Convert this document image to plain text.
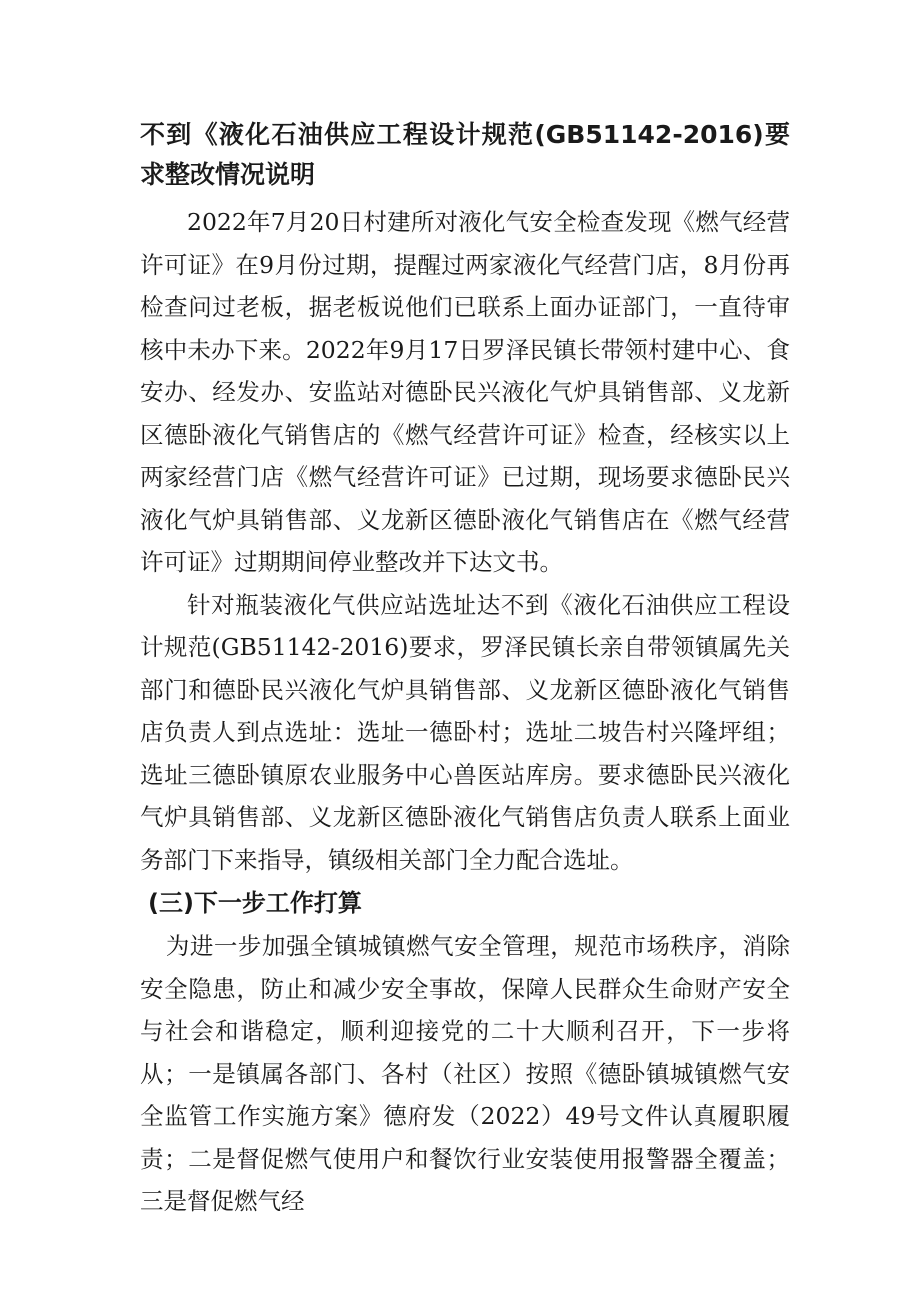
不到《液化石油供应工程设计规范(GB51142-2016)要求整改情况说明

2022年7月20日村建所对液化气安全检查发现《燃气经营许可证》在9月份过期，提醒过两家液化气经营门店，8月份再检查问过老板，据老板说他们已联系上面办证部门，一直待审核中未办下来。2022年9月17日罗泽民镇长带领村建中心、食安办、经发办、安监站对德卧民兴液化气炉具销售部、义龙新区德卧液化气销售店的《燃气经营许可证》检查，经核实以上两家经营门店《燃气经营许可证》已过期，现场要求德卧民兴液化气炉具销售部、义龙新区德卧液化气销售店在《燃气经营许可证》过期期间停业整改并下达文书。

针对瓶装液化气供应站选址达不到《液化石油供应工程设计规范(GB51142-2016)要求，罗泽民镇长亲自带领镇属先关部门和德卧民兴液化气炉具销售部、义龙新区德卧液化气销售店负责人到点选址：选址一德卧村；选址二坡告村兴隆坪组；选址三德卧镇原农业服务中心兽医站库房。要求德卧民兴液化气炉具销售部、义龙新区德卧液化气销售店负责人联系上面业务部门下来指导，镇级相关部门全力配合选址。

(三)下一步工作打算

为进一步加强全镇城镇燃气安全管理，规范市场秩序，消除安全隐患，防止和减少安全事故，保障人民群众生命财产安全与社会和谐稳定，顺利迎接党的二十大顺利召开，下一步将从；一是镇属各部门、各村（社区）按照《德卧镇城镇燃气安全监管工作实施方案》德府发（2022）49号文件认真履职履责；二是督促燃气使用户和餐饮行业安装使用报警器全覆盖；三是督促燃气经
